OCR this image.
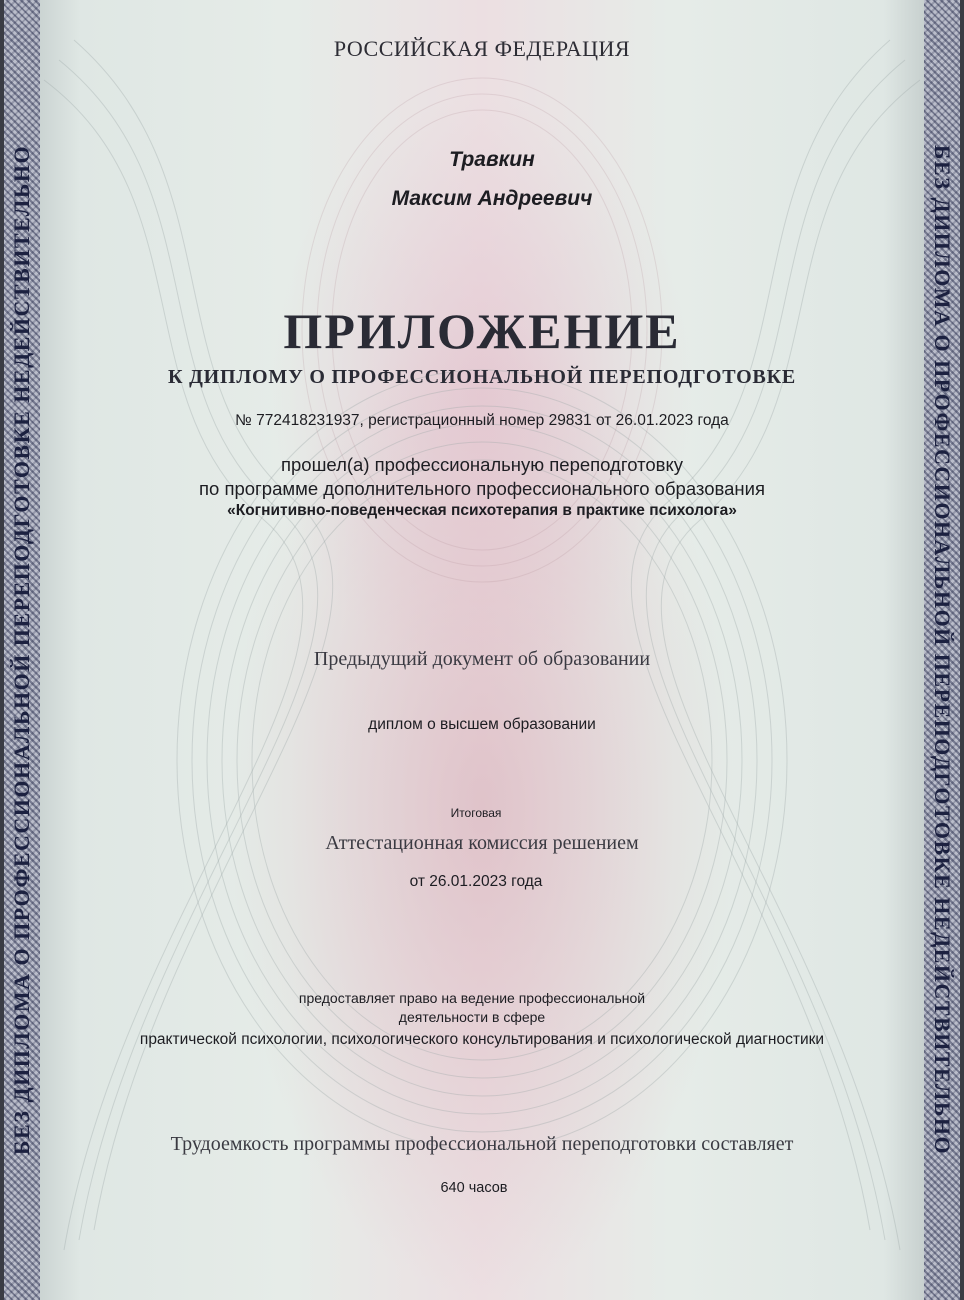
БЕЗ ДИПЛОМА О ПРОФЕССИОНАЛЬНОЙ ПЕРЕПОДГОТОВКЕ НЕДЕЙСТВИТЕЛЬНО	БЕЗ ДИПЛОМА О ПРОФЕССИОНАЛЬНОЙ ПЕРЕПОДГОТОВКЕ НЕДЕЙСТВИТЕЛЬНО
РОССИЙСКАЯ ФЕДЕРАЦИЯ
Травкин
Максим Андреевич
ПРИЛОЖЕНИЕ
К ДИПЛОМУ О ПРОФЕССИОНАЛЬНОЙ ПЕРЕПОДГОТОВКЕ
№ 772418231937, регистрационный номер 29831 от 26.01.2023 года
прошел(а) профессиональную переподготовку
по программе дополнительного профессионального образования
«Когнитивно-поведенческая психотерапия в практике психолога»
Предыдущий документ об образовании
диплом о высшем образовании
Итоговая
Аттестационная комиссия решением
от 26.01.2023 года
предоставляет право на ведение профессиональной
деятельности в сфере
практической психологии, психологического консультирования и психологической диагностики
Трудоемкость программы профессиональной переподготовки составляет
640 часов
